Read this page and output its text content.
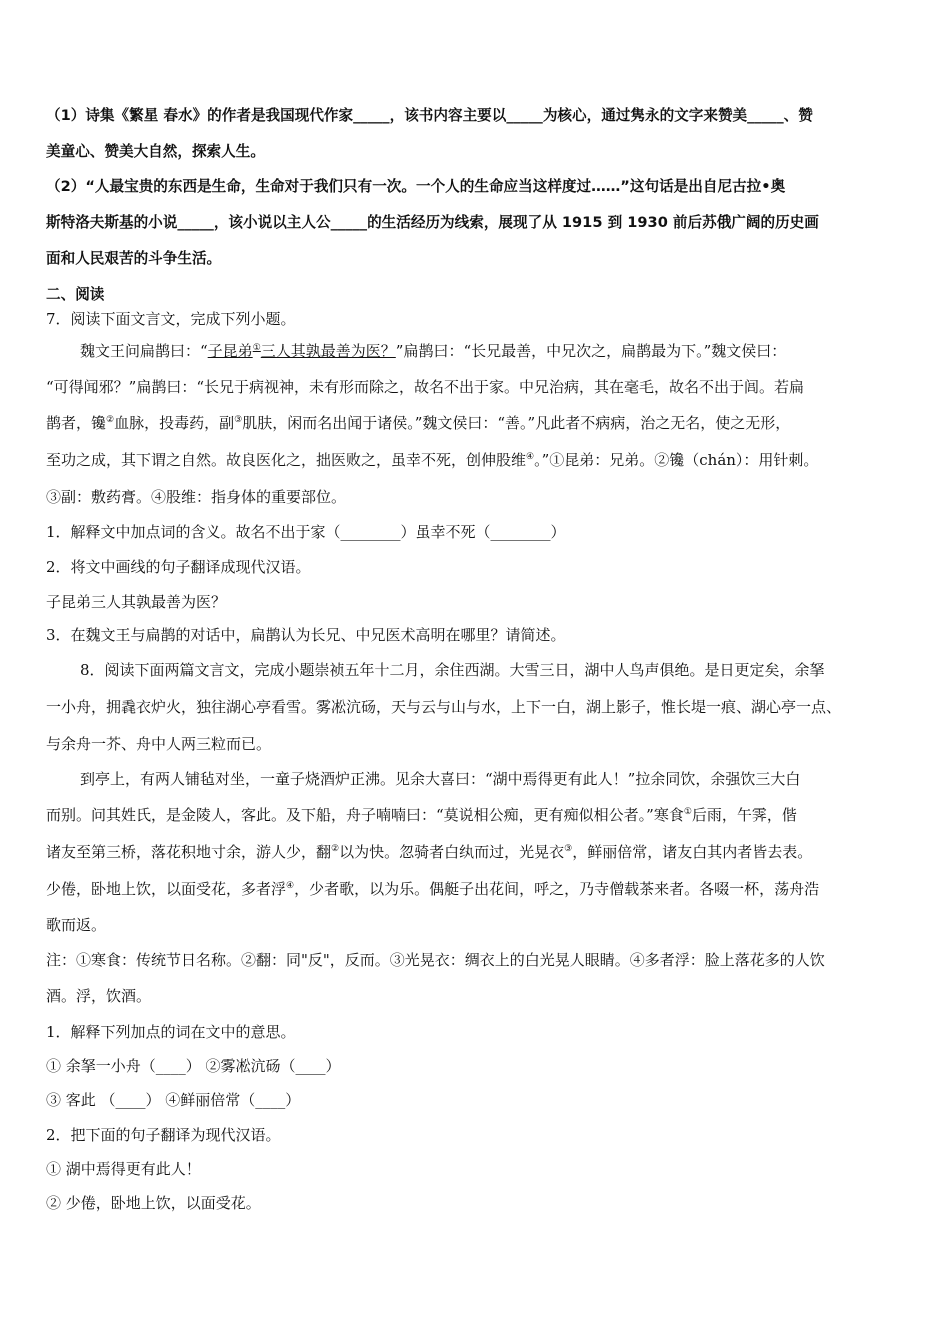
（1）诗集《繁星 春水》的作者是我国现代作家_____，该书内容主要以_____为核心，通过隽永的文字来赞美_____、赞
美童心、赞美大自然，探索人生。
（2）“人最宝贵的东西是生命，生命对于我们只有一次。一个人的生命应当这样度过……”这句话是出自尼古拉•奥
斯特洛夫斯基的小说_____，该小说以主人公_____的生活经历为线索，展现了从 1915 到 1930 前后苏俄广阔的历史画
面和人民艰苦的斗争生活。
二、阅读
7．阅读下面文言文，完成下列小题。
魏文王问扁鹊曰：“子昆弟①三人其孰最善为医？”扁鹊曰：“长兄最善，中兄次之，扁鹊最为下。”魏文侯曰：
“可得闻邪？”扁鹊曰：“长兄于病视神，未有形而除之，故名不出于家。中兄治病，其在毫毛，故名不出于闾。若扁
鹊者，镵②血脉，投毒药，副③肌肤，闲而名出闻于诸侯。”魏文侯曰：“善。”凡此者不病病，治之无名，使之无形，
至功之成，其下谓之自然。故良医化之，拙医败之，虽幸不死，创伸股维④。”①昆弟：兄弟。②镵（chán）：用针刺。
③副：敷药膏。④股维：指身体的重要部位。
1．解释文中加点词的含义。故名不出于家（________）虽幸不死（________）
2．将文中画线的句子翻译成现代汉语。
子昆弟三人其孰最善为医？
3．在魏文王与扁鹊的对话中，扁鹊认为长兄、中兄医术高明在哪里？请简述。
8．阅读下面两篇文言文，完成小题崇祯五年十二月，余住西湖。大雪三日，湖中人鸟声俱绝。是日更定矣，余拏
一小舟，拥毳衣炉火，独往湖心亭看雪。雾凇沆砀，天与云与山与水，上下一白，湖上影子，惟长堤一痕、湖心亭一点、
与余舟一芥、舟中人两三粒而已。
到亭上，有两人铺毡对坐，一童子烧酒炉正沸。见余大喜曰：“湖中焉得更有此人！”拉余同饮，余强饮三大白
而别。问其姓氏，是金陵人，客此。及下船，舟子喃喃曰：“莫说相公痴，更有痴似相公者。”寒食①后雨，午霁，偕
诸友至第三桥，落花积地寸余，游人少，翻②以为快。忽骑者白纨而过，光晃衣③，鲜丽倍常，诸友白其内者皆去表。
少倦，卧地上饮，以面受花，多者浮④，少者歌，以为乐。偶艇子出花间，呼之，乃寺僧载茶来者。各啜一杯，荡舟浩
歌而返。
注：①寒食：传统节日名称。②翻：同"反"，反而。③光晃衣：绸衣上的白光晃人眼睛。④多者浮：脸上落花多的人饮
酒。浮，饮酒。
1．解释下列加点的词在文中的意思。
① 余拏一小舟（____） ②雾凇沆砀（____）
③ 客此 （____） ④鲜丽倍常（____）
2．把下面的句子翻译为现代汉语。
① 湖中焉得更有此人！
② 少倦，卧地上饮，以面受花。
